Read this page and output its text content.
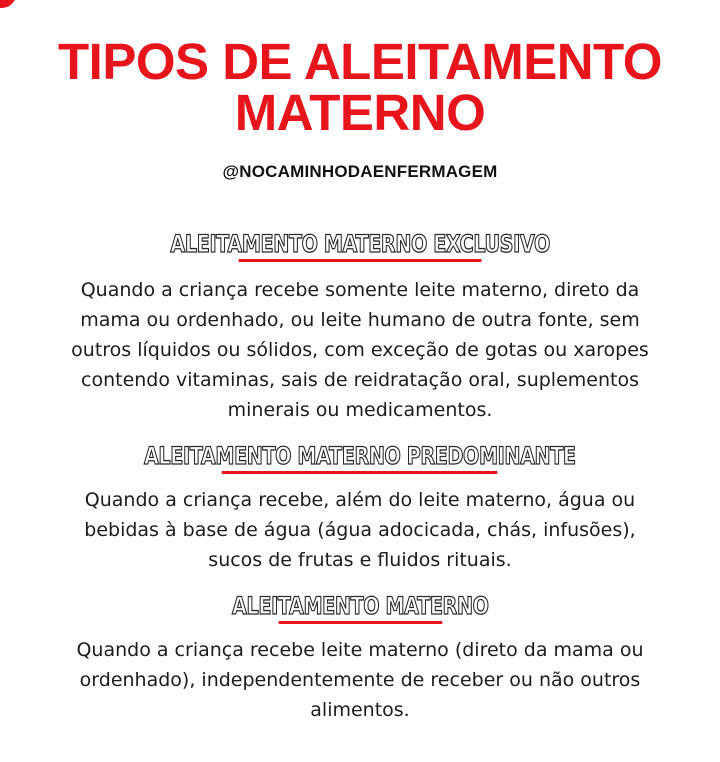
TIPOS DE ALEITAMENTO
MATERNO
@NOCAMINHODAENFERMAGEM
ALEITAMENTO MATERNO EXCLUSIVO

Quando a criança recebe somente leite materno, direto da
mama ou ordenhado, ou leite humano de outra fonte, sem
outros líquidos ou sólidos, com exceção de gotas ou xaropes
contendo vitaminas, sais de reidratação oral, suplementos
minerais ou medicamentos.

ALEITAMENTO MATERNO PREDOMINANTE

Quando a criança recebe, além do leite materno, água ou
bebidas à base de água (água adocicada, chás, infusões),
sucos de frutas e fluidos rituais.

ALEITAMENTO MATERNO

Quando a criança recebe leite materno (direto da mama ou
ordenhado), independentemente de receber ou não outros
alimentos.
